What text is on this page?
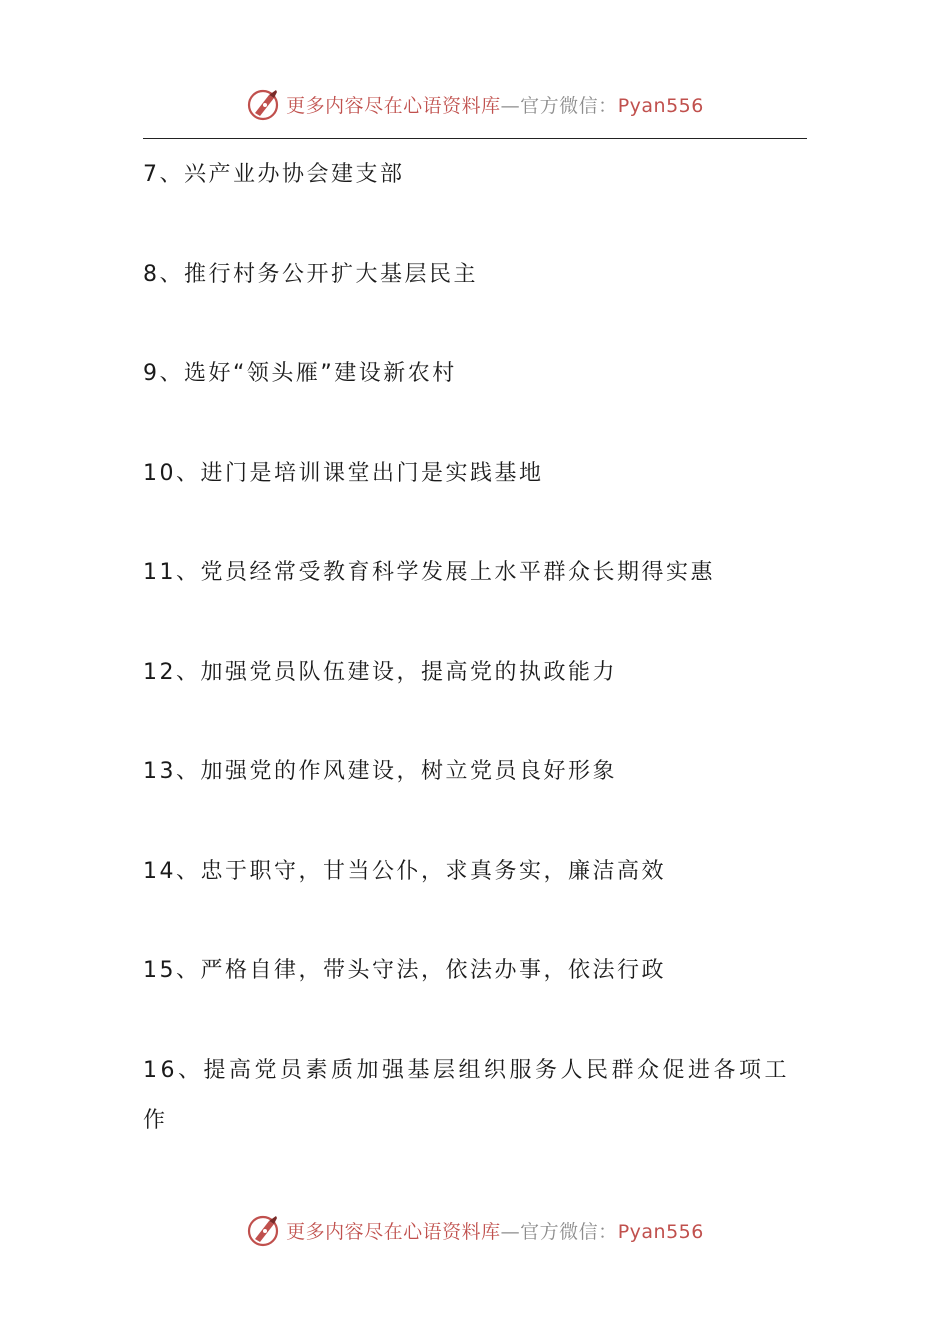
更多内容尽在心语资料库—官方微信：Pyan556
7、兴产业办协会建支部
8、推行村务公开扩大基层民主
9、选好“领头雁”建设新农村
10、进门是培训课堂出门是实践基地
11、党员经常受教育科学发展上水平群众长期得实惠
12、加强党员队伍建设，提高党的执政能力
13、加强党的作风建设，树立党员良好形象
14、忠于职守，甘当公仆，求真务实，廉洁高效
15、严格自律，带头守法，依法办事，依法行政
16、提高党员素质加强基层组织服务人民群众促进各项工作
更多内容尽在心语资料库—官方微信：Pyan556
